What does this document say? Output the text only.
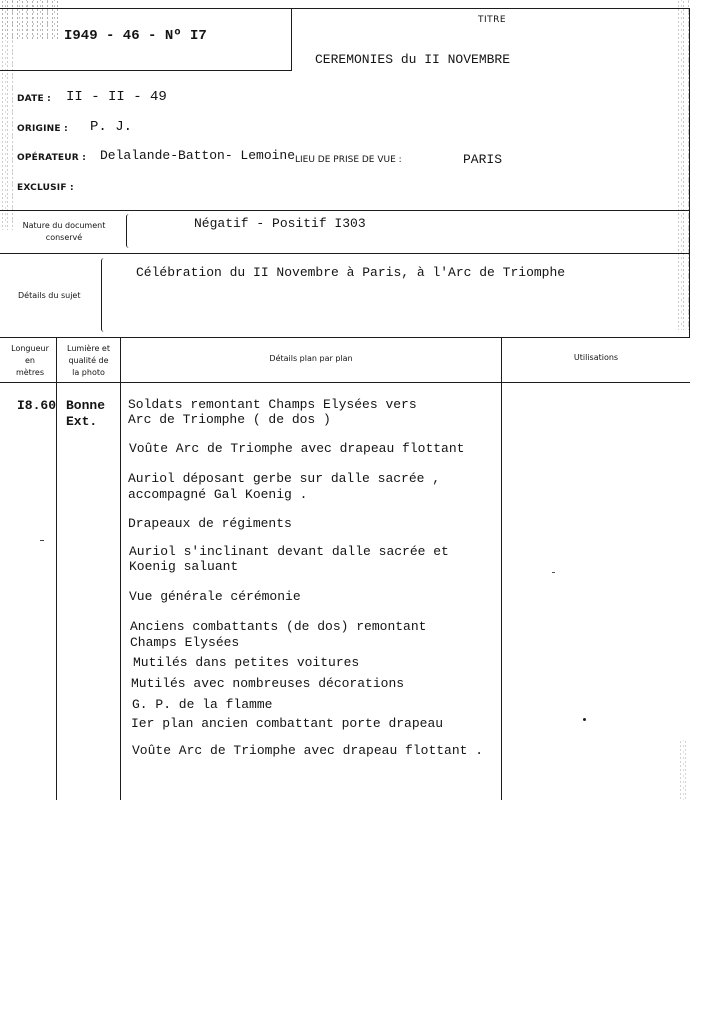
I949 - 46 - Nº I7
TITRE
CEREMONIES du II NOVEMBRE
DATE : II - II - 49
ORIGINE : P. J.
OPÉRATEUR : Delalande-Batton- Lemoine LIEU DE PRISE DE VUE :	PARIS
EXCLUSIF :
Nature du document
conservé
Négatif - Positif I303
Détails du sujet
Célébration du II Novembre à Paris, à l'Arc de Triomphe
Longueur
en
mètres
Lumière et
qualité de
la photo
Détails plan par plan	Utilisations
I8.60 Bonne
Ext.
Soldats remontant Champs Elysées vers
Arc de Triomphe ( de dos )
Voûte Arc de Triomphe avec drapeau flottant
Auriol déposant gerbe sur dalle sacrée ,
accompagné Gal Koenig .
Drapeaux de régiments
Auriol s'inclinant devant dalle sacrée et
Koenig saluant
Vue générale cérémonie
Anciens combattants (de dos) remontant
Champs Elysées
Mutilés dans petites voitures
Mutilés avec nombreuses décorations
G. P. de la flamme
Ier plan ancien combattant porte drapeau
Voûte Arc de Triomphe avec drapeau flottant .
